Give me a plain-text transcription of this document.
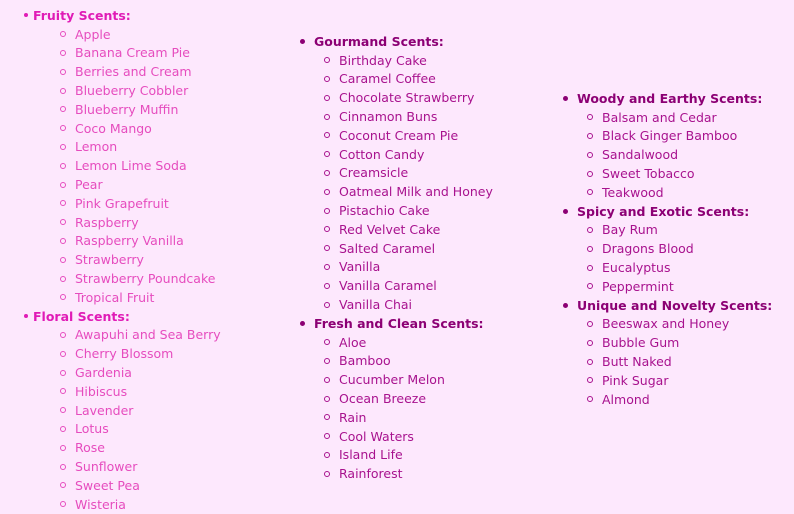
Fruity Scents:
Apple
Banana Cream Pie
Berries and Cream
Blueberry Cobbler
Blueberry Muffin
Coco Mango
Lemon
Lemon Lime Soda
Pear
Pink Grapefruit
Raspberry
Raspberry Vanilla
Strawberry
Strawberry Poundcake
Tropical Fruit
Floral Scents:
Awapuhi and Sea Berry
Cherry Blossom
Gardenia
Hibiscus
Lavender
Lotus
Rose
Sunflower
Sweet Pea
Wisteria
Gourmand Scents:
Birthday Cake
Caramel Coffee
Chocolate Strawberry
Cinnamon Buns
Coconut Cream Pie
Cotton Candy
Creamsicle
Oatmeal Milk and Honey
Pistachio Cake
Red Velvet Cake
Salted Caramel
Vanilla
Vanilla Caramel
Vanilla Chai
Fresh and Clean Scents:
Aloe
Bamboo
Cucumber Melon
Ocean Breeze
Rain
Cool Waters
Island Life
Rainforest
Woody and Earthy Scents:
Balsam and Cedar
Black Ginger Bamboo
Sandalwood
Sweet Tobacco
Teakwood
Spicy and Exotic Scents:
Bay Rum
Dragons Blood
Eucalyptus
Peppermint
Unique and Novelty Scents:
Beeswax and Honey
Bubble Gum
Butt Naked
Pink Sugar
Almond
